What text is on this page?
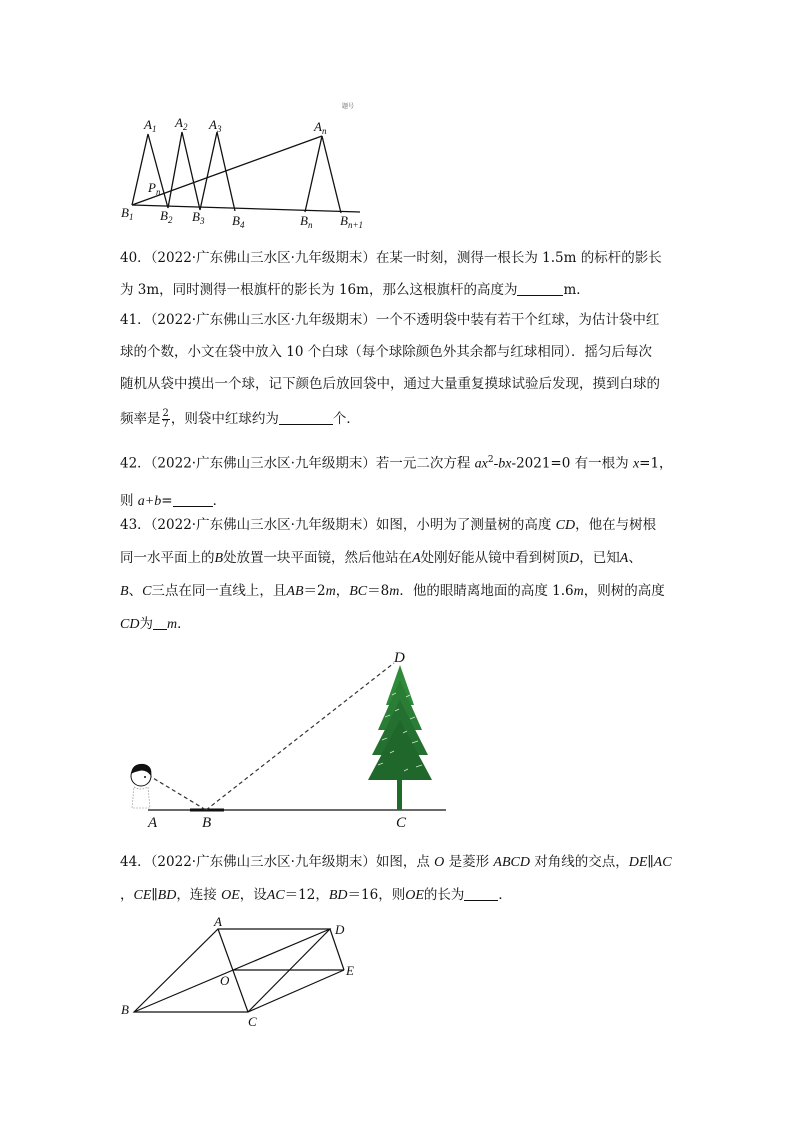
题号
$A_1$ $A_2$ $A_3$	$A_n$
$P_n$
$B_1$ $B_2$ $B_3$ $B_4$	$B_n$ $B_{n+1}$
40．（2022·广东佛山三水区·九年级期末）在某一时刻，测得一根长为 1.5m 的标杆的影长
为 3m，同时测得一根旗杆的影长为 16m，那么这根旗杆的高度为	m．
41．（2022·广东佛山三水区·九年级期末）一个不透明袋中装有若干个红球，为估计袋中红
球的个数，小文在袋中放入 10 个白球（每个球除颜色外其余都与红球相同）．摇匀后每次
随机从袋中摸出一个球，记下颜色后放回袋中，通过大量重复摸球试验后发现，摸到白球的
频率是 $\frac{2}{7}$ ，则袋中红球约为	个．
42．（2022·广东佛山三水区·九年级期末）若一元二次方程 $ax^2-bx-2021=0$ 有一根为 x=1，
则 a+b=	．
43．（2022·广东佛山三水区·九年级期末）如图，小明为了测量树的高度 CD，他在与树根
同一水平面上的B处放置一块平面镜，然后他站在A处刚好能从镜中看到树顶D，已知A、
B、C三点在同一直线上，且AB＝2m，BC＝8m．他的眼睛离地面的高度 1.6m，则树的高度
CD为 m．
D
A	B	C
44．（2022·广东佛山三水区·九年级期末）如图，点 O 是菱形 ABCD 对角线的交点，DE∥AC
，CE∥BD，连接 OE，设AC＝12，BD＝16，则OE的长为	．
A
B
C
D
E
O
